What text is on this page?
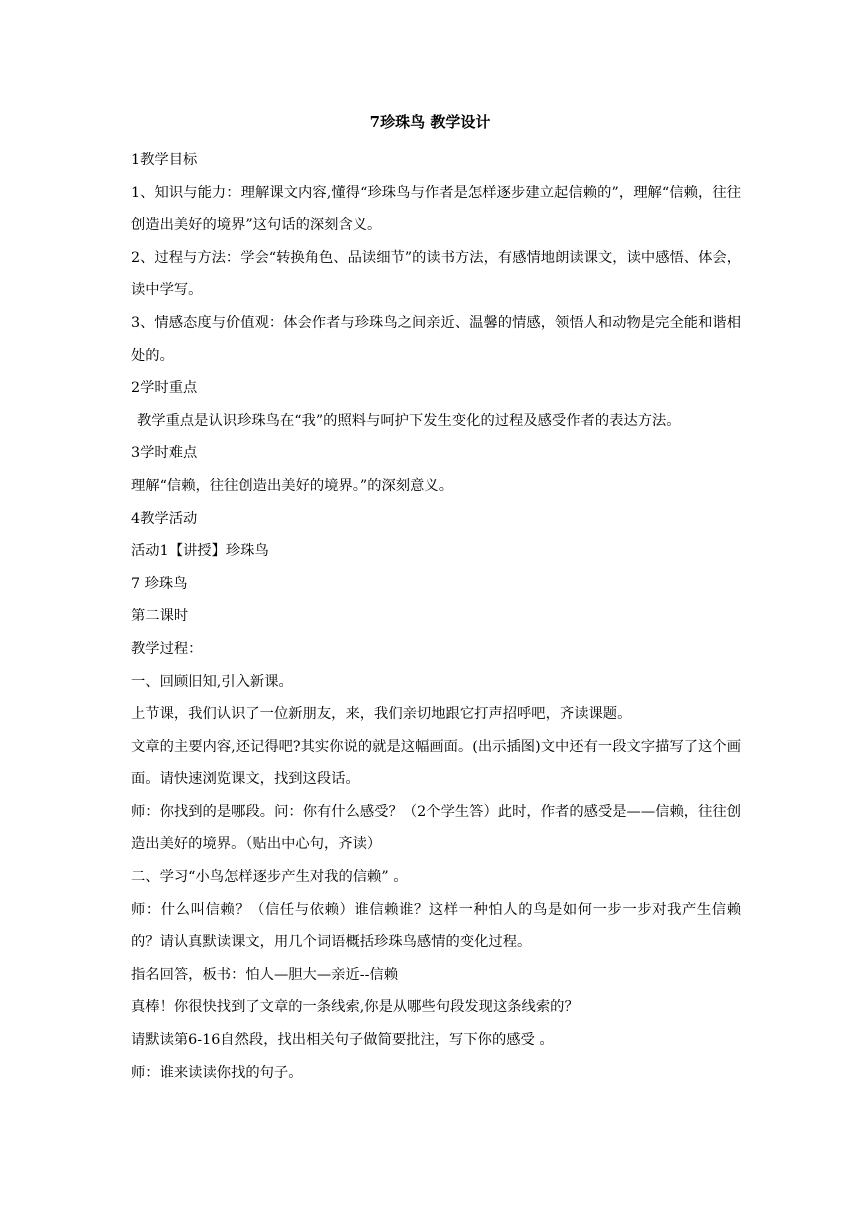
7珍珠鸟 教学设计

1教学目标

1、知识与能力：理解课文内容,懂得“珍珠鸟与作者是怎样逐步建立起信赖的”，理解“信赖，往往创造出美好的境界”这句话的深刻含义。

2、过程与方法：学会“转换角色、品读细节”的读书方法，有感情地朗读课文，读中感悟、体会，读中学写。

3、情感态度与价值观：体会作者与珍珠鸟之间亲近、温馨的情感，领悟人和动物是完全能和谐相处的。

2学时重点

教学重点是认识珍珠鸟在“我”的照料与呵护下发生变化的过程及感受作者的表达方法。

3学时难点

理解“信赖，往往创造出美好的境界。”的深刻意义。

4教学活动

活动1【讲授】珍珠鸟

7 珍珠鸟

第二课时

教学过程：

一、回顾旧知,引入新课。

上节课，我们认识了一位新朋友，来，我们亲切地跟它打声招呼吧，齐读课题。

文章的主要内容,还记得吧?其实你说的就是这幅画面。(出示插图)文中还有一段文字描写了这个画面。请快速浏览课文，找到这段话。

师：你找到的是哪段。问：你有什么感受？（2个学生答）此时，作者的感受是——信赖，往往创造出美好的境界。（贴出中心句，齐读）

二、学习“小鸟怎样逐步产生对我的信赖” 。

师：什么叫信赖？（信任与依赖）谁信赖谁？这样一种怕人的鸟是如何一步一步对我产生信赖的？请认真默读课文，用几个词语概括珍珠鸟感情的变化过程。

指名回答，板书：怕人—胆大—亲近--信赖

真棒！你很快找到了文章的一条线索,你是从哪些句段发现这条线索的？

请默读第6-16自然段，找出相关句子做简要批注，写下你的感受 。

师：谁来读读你找的句子。
